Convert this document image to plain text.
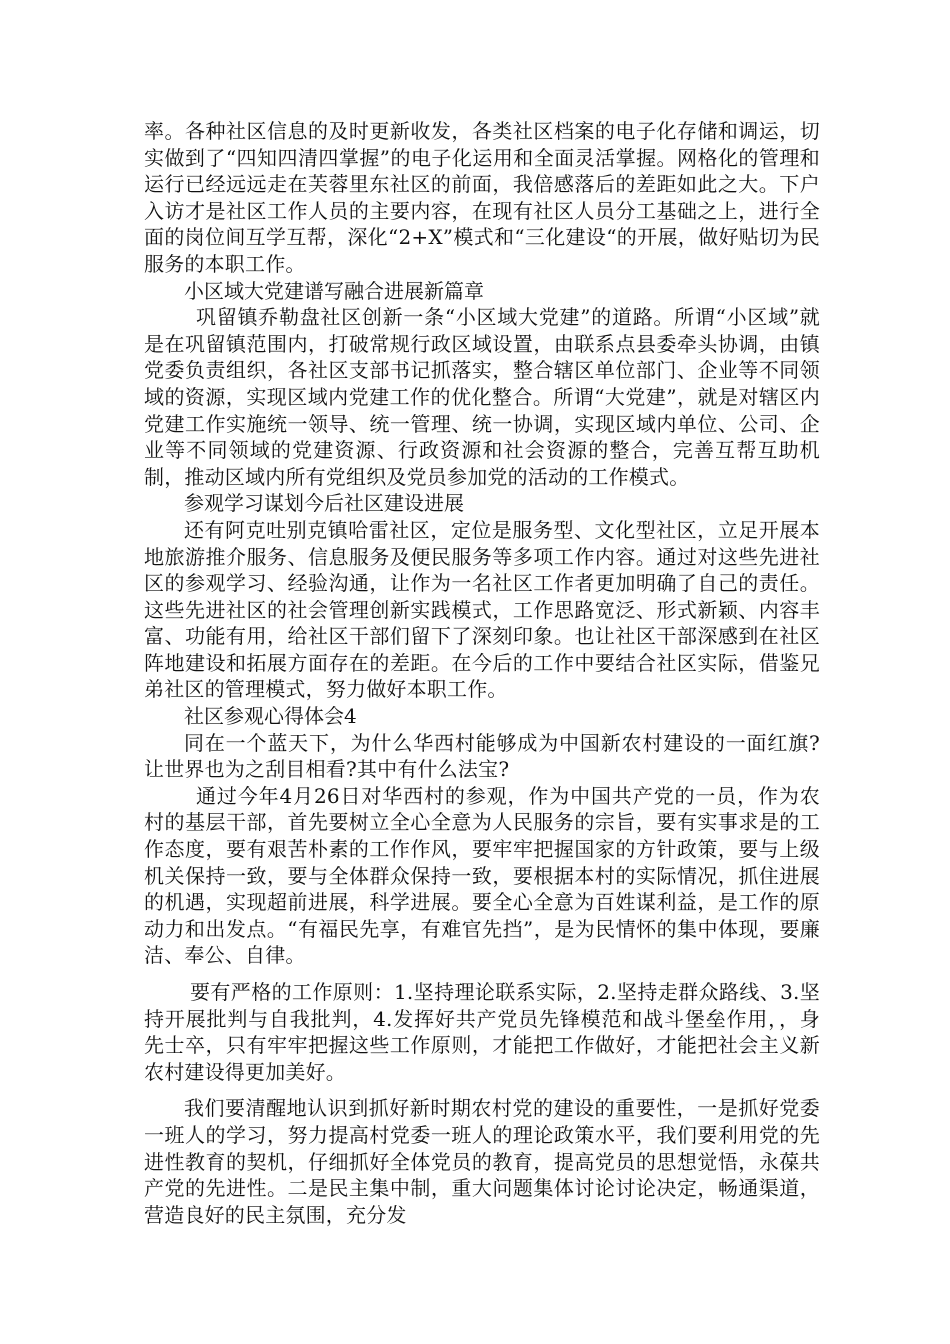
率。各种社区信息的及时更新收发，各类社区档案的电子化存储和调运，切实做到了“四知四清四掌握”的电子化运用和全面灵活掌握。网格化的管理和运行已经远远走在芙蓉里东社区的前面，我倍感落后的差距如此之大。下户入访才是社区工作人员的主要内容，在现有社区人员分工基础之上，进行全面的岗位间互学互帮，深化“2+X”模式和“三化建设“的开展，做好贴切为民服务的本职工作。

小区域大党建谱写融合进展新篇章

巩留镇乔勒盘社区创新一条“小区域大党建”的道路。所谓“小区域”就是在巩留镇范围内，打破常规行政区域设置，由联系点县委牵头协调，由镇党委负责组织，各社区支部书记抓落实，整合辖区单位部门、企业等不同领域的资源，实现区域内党建工作的优化整合。所谓“大党建”，就是对辖区内党建工作实施统一领导、统一管理、统一协调，实现区域内单位、公司、企业等不同领域的党建资源、行政资源和社会资源的整合，完善互帮互助机制，推动区域内所有党组织及党员参加党的活动的工作模式。

参观学习谋划今后社区建设进展

还有阿克吐别克镇哈雷社区，定位是服务型、文化型社区，立足开展本地旅游推介服务、信息服务及便民服务等多项工作内容。通过对这些先进社区的参观学习、经验沟通，让作为一名社区工作者更加明确了自己的责任。这些先进社区的社会管理创新实践模式，工作思路宽泛、形式新颖、内容丰富、功能有用，给社区干部们留下了深刻印象。也让社区干部深感到在社区阵地建设和拓展方面存在的差距。在今后的工作中要结合社区实际，借鉴兄弟社区的管理模式，努力做好本职工作。

社区参观心得体会4

同在一个蓝天下，为什么华西村能够成为中国新农村建设的一面红旗?让世界也为之刮目相看?其中有什么法宝?

通过今年4月26日对华西村的参观，作为中国共产党的一员，作为农村的基层干部，首先要树立全心全意为人民服务的宗旨，要有实事求是的工作态度，要有艰苦朴素的工作作风，要牢牢把握国家的方针政策，要与上级机关保持一致，要与全体群众保持一致，要根据本村的实际情况，抓住进展的机遇，实现超前进展，科学进展。要全心全意为百姓谋利益，是工作的原动力和出发点。“有福民先享，有难官先挡”，是为民情怀的集中体现，要廉洁、奉公、自律。

要有严格的工作原则：1.坚持理论联系实际，2.坚持走群众路线、3.坚持开展批判与自我批判，4.发挥好共产党员先锋模范和战斗堡垒作用，，身先士卒，只有牢牢把握这些工作原则，才能把工作做好，才能把社会主义新农村建设得更加美好。

我们要清醒地认识到抓好新时期农村党的建设的重要性，一是抓好党委一班人的学习，努力提高村党委一班人的理论政策水平，我们要利用党的先进性教育的契机，仔细抓好全体党员的教育，提高党员的思想觉悟，永葆共产党的先进性。二是民主集中制，重大问题集体讨论讨论决定，畅通渠道，营造良好的民主氛围，充分发
